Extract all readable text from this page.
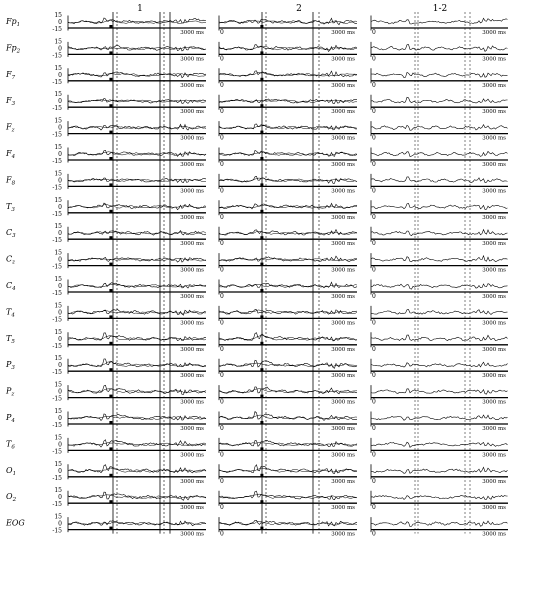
1	2	1-2
$Fp_1$
15
0
-15	3000 ms	0	3000 ms	0	3000 ms
$Fp_2$
15
0
-15	3000 ms	0	3000 ms	0	3000 ms
$F_7$
15
0
-15	3000 ms	0	3000 ms	0	3000 ms
$F_3$
15
0
-15	3000 ms	0	3000 ms	0	3000 ms
$F_z$
15
0
-15	3000 ms	0	3000 ms	0	3000 ms
$F_4$
15
0
-15	3000 ms	0	3000 ms	0	3000 ms
$F_8$
15
0
-15	3000 ms	0	3000 ms	0	3000 ms
$T_3$
15
0
-15	3000 ms	0	3000 ms	0	3000 ms
$C_3$
15
0
-15	3000 ms	0	3000 ms	0	3000 ms
$C_z$
15
0
-15	3000 ms	0	3000 ms	0	3000 ms
$C_4$
15
0
-15	3000 ms	0	3000 ms	0	3000 ms
$T_4$
15
0
-15	3000 ms	0	3000 ms	0	3000 ms
$T_5$
15
0
-15	3000 ms	0	3000 ms	0	3000 ms
$P_3$
15
0
-15	3000 ms	0	3000 ms	0	3000 ms
$P_z$
15
0
-15	3000 ms	0	3000 ms	0	3000 ms
$P_4$
15
0
-15	3000 ms	0	3000 ms	0	3000 ms
$T_6$
15
0
-15	3000 ms	0	3000 ms	0	3000 ms
$O_1$
15
0
-15	3000 ms	0	3000 ms	0	3000 ms
$O_2$
15
0
-15	3000 ms	0	3000 ms	0	3000 ms
EOG
15
0
-15	3000 ms	0	3000 ms	0	3000 ms
